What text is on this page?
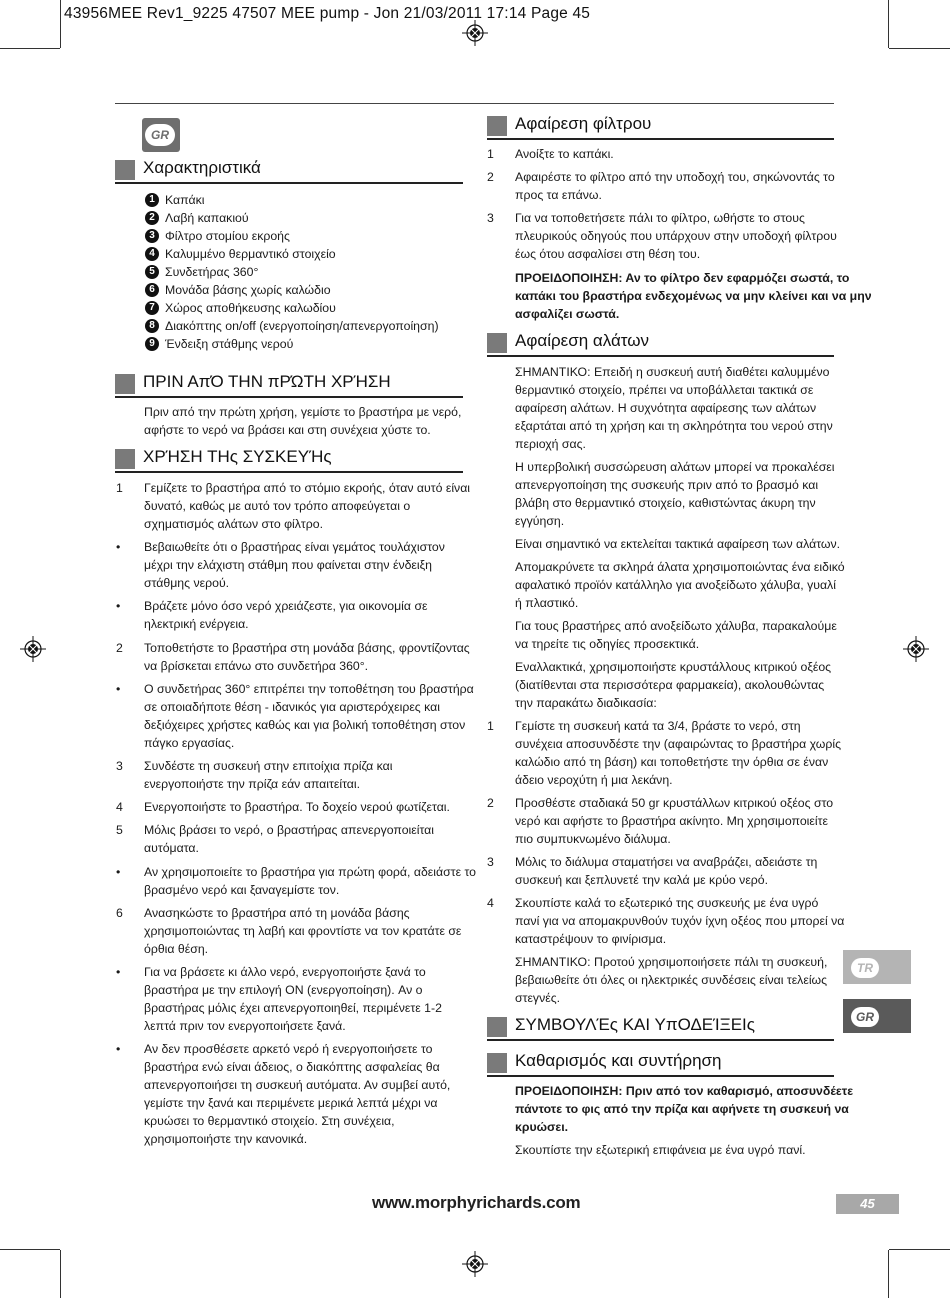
43956MEE Rev1_9225 47507 MEE pump - Jon 21/03/2011 17:14 Page 45
GR
Χαρακτηριστικά
1 Καπάκι
2 Λαβή καπακιού
3 Φίλτρο στομίου εκροής
4 Καλυμμένο θερμαντικό στοιχείο
5 Συνδετήρας 360°
6 Μονάδα βάσης χωρίς καλώδιο
7 Χώρος αποθήκευσης καλωδίου
8 Διακόπτης on/off (ενεργοποίηση/απενεργοποίηση)
9 Ένδειξη στάθμης νερού
ΠΡΙΝ ΑπΌ ΤΗΝ πΡΏΤΗ ΧΡΉΣΗ
Πριν από την πρώτη χρήση, γεμίστε το βραστήρα με νερό,
αφήστε το νερό να βράσει και στη συνέχεια χύστε το.
ΧΡΉΣΗ ΤΗς ΣΥΣΚΕΥΉς
1 Γεμίζετε το βραστήρα από το στόμιο εκροής, όταν αυτό είναι
δυνατό, καθώς με αυτό τον τρόπο αποφεύγεται ο
σχηματισμός αλάτων στο φίλτρο.
• Βεβαιωθείτε ότι ο βραστήρας είναι γεμάτος τουλάχιστον
μέχρι την ελάχιστη στάθμη που φαίνεται στην ένδειξη
στάθμης νερού.
• Βράζετε μόνο όσο νερό χρειάζεστε, για οικονομία σε
ηλεκτρική ενέργεια.
2 Τοποθετήστε το βραστήρα στη μονάδα βάσης, φροντίζοντας
να βρίσκεται επάνω στο συνδετήρα 360°.
• Ο συνδετήρας 360° επιτρέπει την τοποθέτηση του βραστήρα
σε οποιαδήποτε θέση - ιδανικός για αριστερόχειρες και
δεξιόχειρες χρήστες καθώς και για βολική τοποθέτηση στον
πάγκο εργασίας.
3 Συνδέστε τη συσκευή στην επιτοίχια πρίζα και
ενεργοποιήστε την πρίζα εάν απαιτείται.
4 Ενεργοποιήστε το βραστήρα. Το δοχείο νερού φωτίζεται.
5 Μόλις βράσει το νερό, ο βραστήρας απενεργοποιείται
αυτόματα.
• Αν χρησιμοποιείτε το βραστήρα για πρώτη φορά, αδειάστε το
βρασμένο νερό και ξαναγεμίστε τον.
6 Ανασηκώστε το βραστήρα από τη μονάδα βάσης
χρησιμοποιώντας τη λαβή και φροντίστε να τον κρατάτε σε
όρθια θέση.
• Για να βράσετε κι άλλο νερό, ενεργοποιήστε ξανά το
βραστήρα με την επιλογή ON (ενεργοποίηση). Αν ο
βραστήρας μόλις έχει απενεργοποιηθεί, περιμένετε 1-2
λεπτά πριν τον ενεργοποιήσετε ξανά.
• Αν δεν προσθέσετε αρκετό νερό ή ενεργοποιήσετε το
βραστήρα ενώ είναι άδειος, ο διακόπτης ασφαλείας θα
απενεργοποιήσει τη συσκευή αυτόματα. Αν συμβεί αυτό,
γεμίστε την ξανά και περιμένετε μερικά λεπτά μέχρι να
κρυώσει το θερμαντικό στοιχείο. Στη συνέχεια,
χρησιμοποιήστε την κανονικά.
Αφαίρεση φίλτρου
1 Ανοίξτε το καπάκι.
2 Αφαιρέστε το φίλτρο από την υποδοχή του, σηκώνοντάς το
προς τα επάνω.
3 Για να τοποθετήσετε πάλι το φίλτρο, ωθήστε το στους
πλευρικούς οδηγούς που υπάρχουν στην υποδοχή φίλτρου
έως ότου ασφαλίσει στη θέση του.
ΠΡΟΕΙΔΟΠΟΙΗΣΗ: Αν το φίλτρο δεν εφαρμόζει σωστά, το
καπάκι του βραστήρα ενδεχομένως να μην κλείνει και να μην
ασφαλίζει σωστά.
Αφαίρεση αλάτων
ΣΗΜΑΝΤΙΚΟ: Επειδή η συσκευή αυτή διαθέτει καλυμμένο
θερμαντικό στοιχείο, πρέπει να υποβάλλεται τακτικά σε
αφαίρεση αλάτων. Η συχνότητα αφαίρεσης των αλάτων
εξαρτάται από τη χρήση και τη σκληρότητα του νερού στην
περιοχή σας.
Η υπερβολική συσσώρευση αλάτων μπορεί να προκαλέσει
απενεργοποίηση της συσκευής πριν από το βρασμό και
βλάβη στο θερμαντικό στοιχείο, καθιστώντας άκυρη την
εγγύηση.
Είναι σημαντικό να εκτελείται τακτικά αφαίρεση των αλάτων.
Απομακρύνετε τα σκληρά άλατα χρησιμοποιώντας ένα ειδικό
αφαλατικό προϊόν κατάλληλο για ανοξείδωτο χάλυβα, γυαλί
ή πλαστικό.
Για τους βραστήρες από ανοξείδωτο χάλυβα, παρακαλούμε
να τηρείτε τις οδηγίες προσεκτικά.
Εναλλακτικά, χρησιμοποιήστε κρυστάλλους κιτρικού οξέος
(διατίθενται στα περισσότερα φαρμακεία), ακολουθώντας
την παρακάτω διαδικασία:
1 Γεμίστε τη συσκευή κατά τα 3/4, βράστε το νερό, στη
συνέχεια αποσυνδέστε την (αφαιρώντας το βραστήρα χωρίς
καλώδιο από τη βάση) και τοποθετήστε την όρθια σε έναν
άδειο νεροχύτη ή μια λεκάνη.
2 Προσθέστε σταδιακά 50 gr κρυστάλλων κιτρικού οξέος στο
νερό και αφήστε το βραστήρα ακίνητο. Μη χρησιμοποιείτε
πιο συμπυκνωμένο διάλυμα.
3 Μόλις το διάλυμα σταματήσει να αναβράζει, αδειάστε τη
συσκευή και ξεπλυνετέ την καλά με κρύο νερό.
4 Σκουπίστε καλά το εξωτερικό της συσκευής με ένα υγρό
πανί για να απομακρυνθούν τυχόν ίχνη οξέος που μπορεί να
καταστρέψουν το φινίρισμα.
ΣΗΜΑΝΤΙΚΟ: Προτού χρησιμοποιήσετε πάλι τη συσκευή,
βεβαιωθείτε ότι όλες οι ηλεκτρικές συνδέσεις είναι τελείως
στεγνές.
ΣΥΜΒΟΥΛΈς ΚΑΙ ΥπΟΔΕΊΞΕΙς
Καθαρισμός και συντήρηση
ΠΡΟΕΙΔΟΠΟΙΗΣΗ: Πριν από τον καθαρισμό, αποσυνδέετε
πάντοτε το φις από την πρίζα και αφήνετε τη συσκευή να
κρυώσει.
Σκουπίστε την εξωτερική επιφάνεια με ένα υγρό πανί.
TR
GR
www.morphyrichards.com	45
